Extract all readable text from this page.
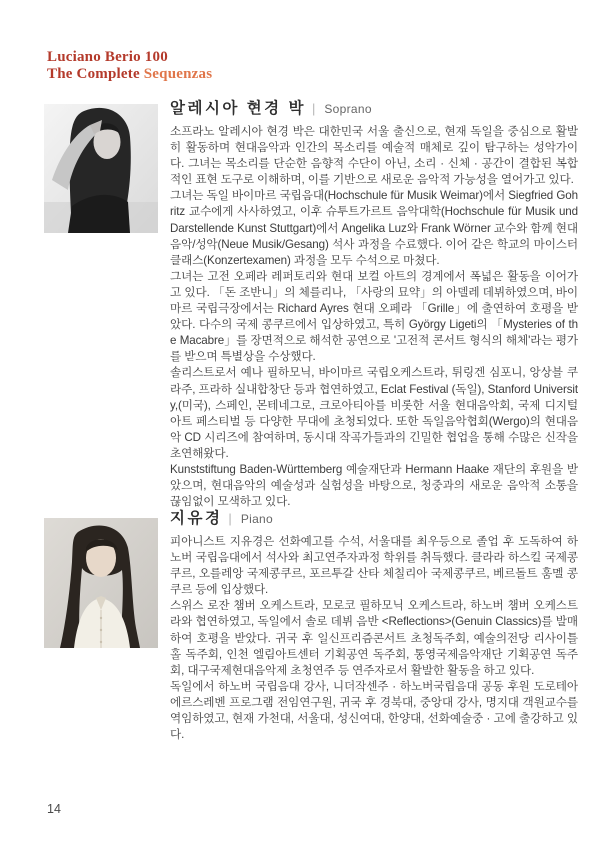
Luciano Berio 100
The Complete Sequenzas
알레시아 현경 박 | Soprano

소프라노 알레시아 현경 박은 대한민국 서울 출신으로, 현재 독일을 중심으로 활발히 활동하며 현대음악과 인간의 목소리를 예술적 매체로 깊이 탐구하는 성악가이다. 그녀는 목소리를 단순한 음향적 수단이 아닌, 소리 · 신체 · 공간이 결합된 복합적인 표현 도구로 이해하며, 이를 기반으로 새로운 음악적 가능성을 열어가고 있다.

그녀는 독일 바이마르 국립음대(Hochschule für Musik Weimar)에서 Siegfried Gohritz 교수에게 사사하였고, 이후 슈투트가르트 음악대학(Hochschule für Musik und Darstellende Kunst Stuttgart)에서 Angelika Luz와 Frank Wörner 교수와 함께 현대음악/성악(Neue Musik/Gesang) 석사 과정을 수료했다. 이어 같은 학교의 마이스터 클래스(Konzertexamen) 과정을 모두 수석으로 마쳤다.

그녀는 고전 오페라 레퍼토리와 현대 보컬 아트의 경계에서 폭넓은 활동을 이어가고 있다. 「돈 조반니」의 체를리나, 「사랑의 묘약」의 아델레 데뷔하였으며, 바이마르 국립극장에서는 Richard Ayres 현대 오페라 「Grille」에 출연하여 호평을 받았다. 다수의 국제 콩쿠르에서 입상하였고, 특히 György Ligeti의 「Mysteries of the Macabre」를 장면적으로 해석한 공연으로 '고전적 콘서트 형식의 해체'라는 평가를 받으며 특별상을 수상했다.

솔리스트로서 예나 필하모닉, 바이마르 국립오케스트라, 튀링겐 심포니, 앙상블 쿠라주, 프라하 실내합창단 등과 협연하였고, Eclat Festival (독일), Stanford University,(미국), 스페인, 몬테네그로, 크로아티아를 비롯한 서울 현대음악회, 국제 디지털아트 페스티벌 등 다양한 무대에 초청되었다. 또한 독일음악협회(Wergo)의 현대음악 CD 시리즈에 참여하며, 동시대 작곡가들과의 긴밀한 협업을 통해 수많은 신작을 초연해왔다.

Kunststiftung Baden-Württemberg 예술재단과 Hermann Haake 재단의 후원을 받았으며, 현대음악의 예술성과 실험성을 바탕으로, 청중과의 새로운 음악적 소통을 끊임없이 모색하고 있다.

지유경 | Piano

피아니스트 지유경은 선화예고를 수석, 서울대를 최우등으로 졸업 후 도독하여 하노버 국립음대에서 석사와 최고연주자과정 학위를 취득했다. 클라라 하스킬 국제콩쿠르, 오를레앙 국제콩쿠르, 포르투갈 산타 체칠리아 국제콩쿠르, 베르돌트 훔멜 콩쿠르 등에 입상했다.

스위스 로잔 챔버 오케스트라, 모로코 필하모닉 오케스트라, 하노버 챔버 오케스트라와 협연하였고, 독일에서 솔로 데뷔 음반 <Reflections>(Genuin Classics)를 발매하여 호평을 받았다. 귀국 후 일신프리즘콘서트 초청독주회, 예술의전당 리사이틀홀 독주회, 인천 엘림아트센터 기획공연 독주회, 통영국제음악재단 기획공연 독주회, 대구국제현대음악제 초청연주 등 연주자로서 활발한 활동을 하고 있다.

독일에서 하노버 국립음대 강사, 니더작센주 · 하노버국립음대 공동 후원 도로테아 에르스레벤 프로그램 전임연구원, 귀국 후 경북대, 중앙대 강사, 명지대 객원교수를 역임하였고, 현재 가천대, 서울대, 성신여대, 한양대, 선화예술중 · 고에 출강하고 있다.

14
